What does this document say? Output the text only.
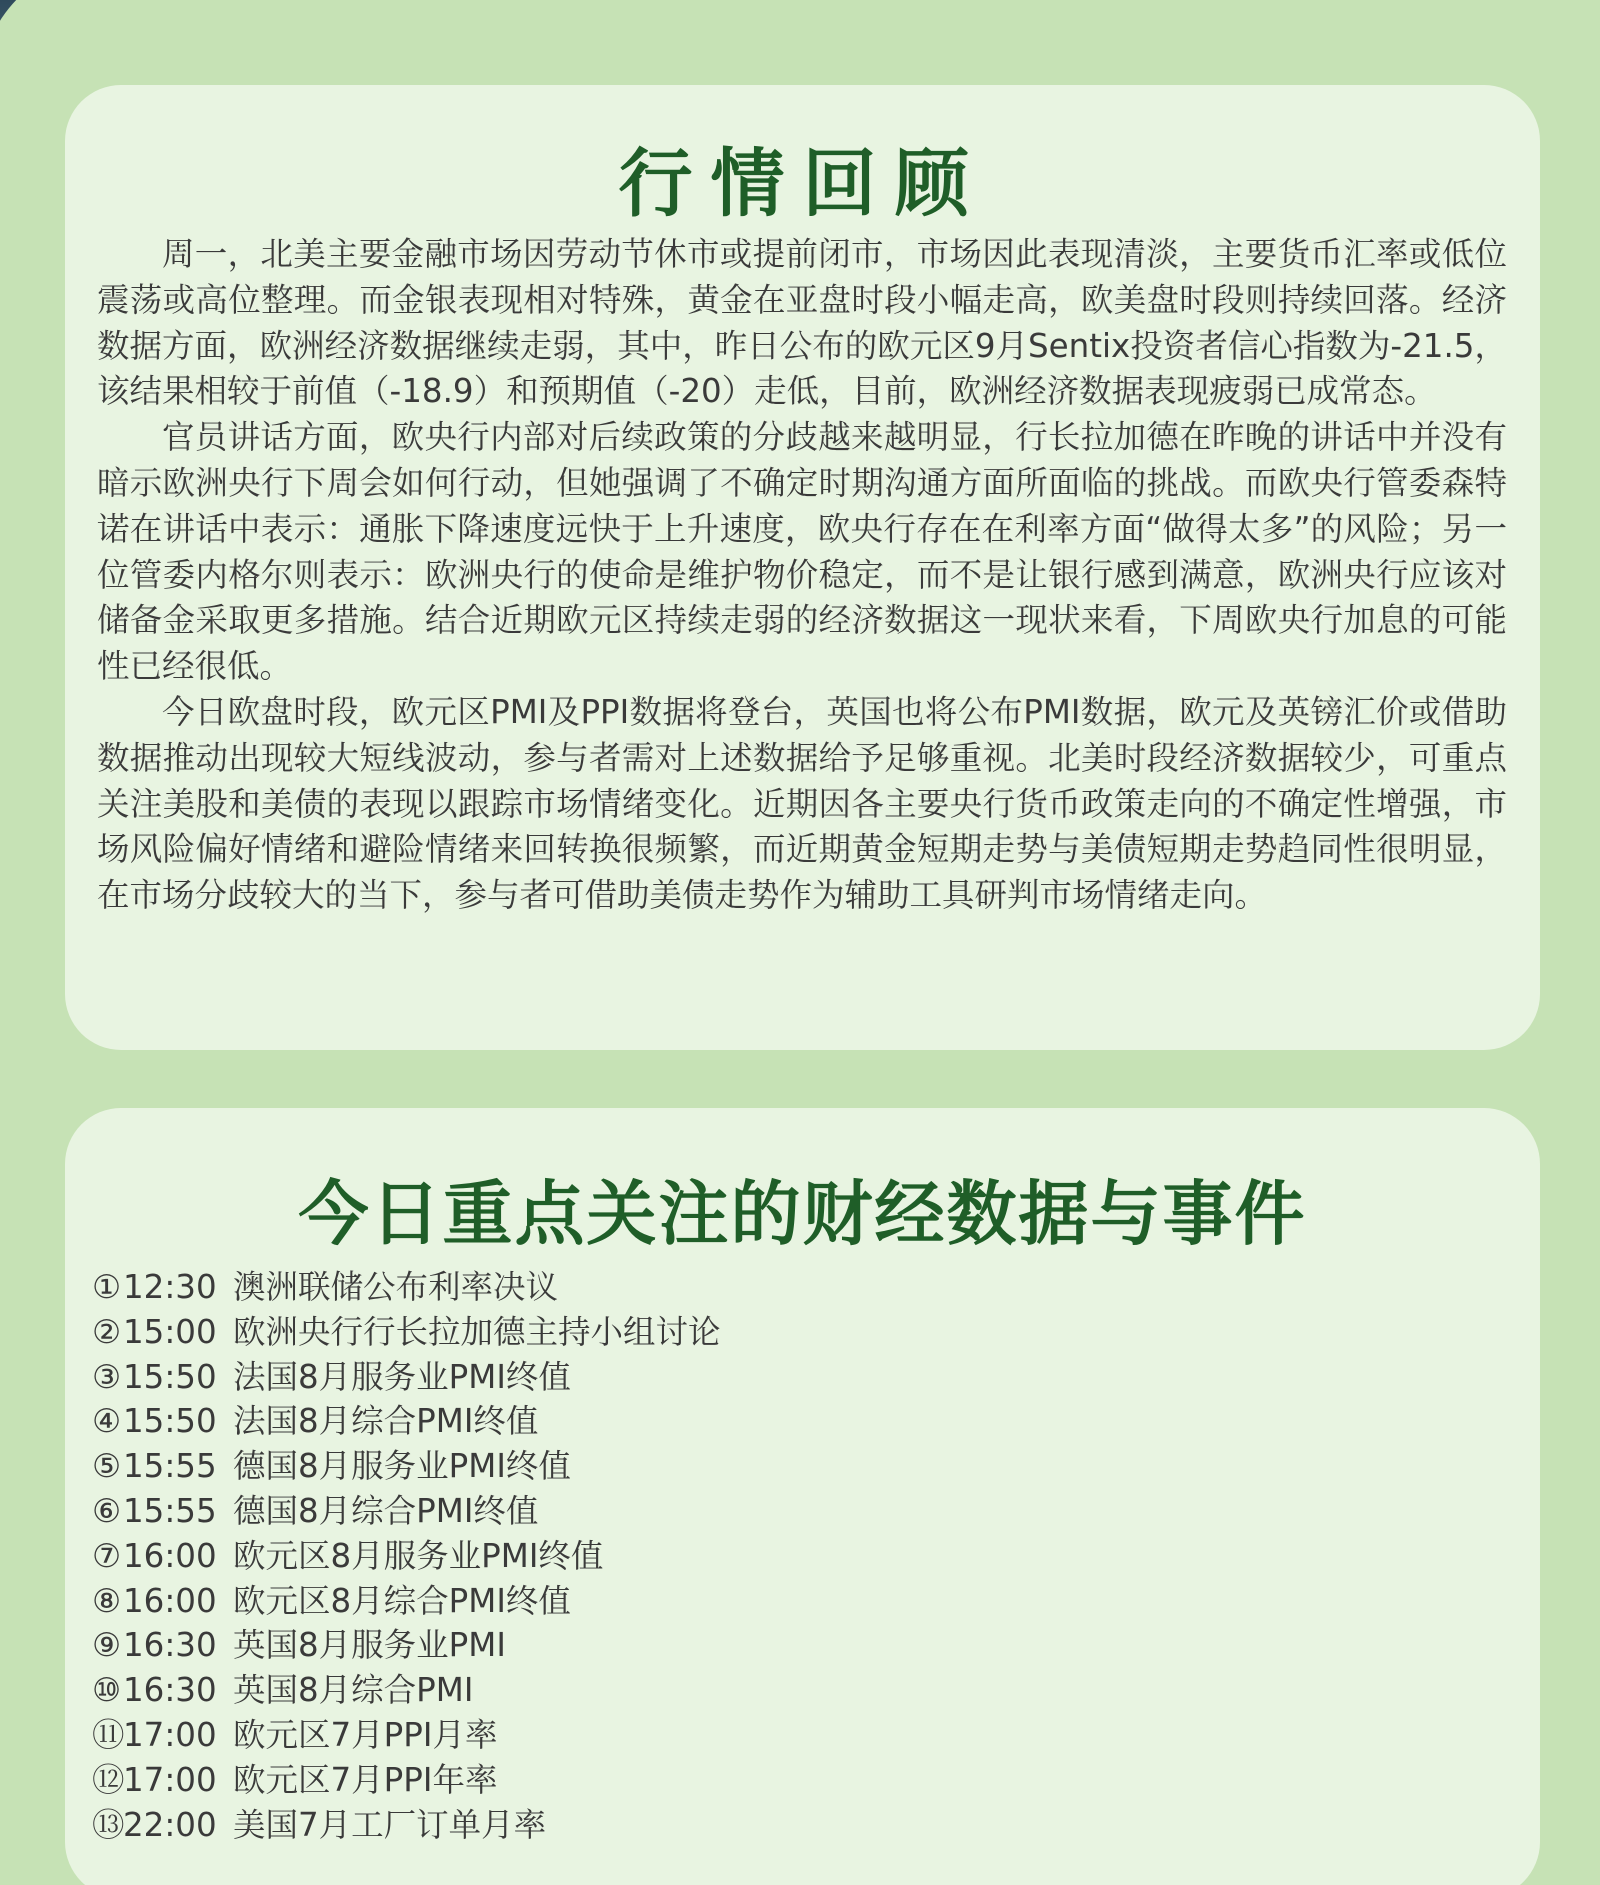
行情回顾

周一，北美主要金融市场因劳动节休市或提前闭市，市场因此表现清淡，主要货币汇率或低位震荡或高位整理。而金银表现相对特殊，黄金在亚盘时段小幅走高，欧美盘时段则持续回落。经济数据方面，欧洲经济数据继续走弱，其中，昨日公布的欧元区9月Sentix投资者信心指数为-21.5，该结果相较于前值（-18.9）和预期值（-20）走低，目前，欧洲经济数据表现疲弱已成常态。

官员讲话方面，欧央行内部对后续政策的分歧越来越明显，行长拉加德在昨晚的讲话中并没有暗示欧洲央行下周会如何行动，但她强调了不确定时期沟通方面所面临的挑战。而欧央行管委森特诺在讲话中表示：通胀下降速度远快于上升速度，欧央行存在在利率方面“做得太多”的风险；另一位管委内格尔则表示：欧洲央行的使命是维护物价稳定，而不是让银行感到满意，欧洲央行应该对储备金采取更多措施。结合近期欧元区持续走弱的经济数据这一现状来看，下周欧央行加息的可能性已经很低。

今日欧盘时段，欧元区PMI及PPI数据将登台，英国也将公布PMI数据，欧元及英镑汇价或借助数据推动出现较大短线波动，参与者需对上述数据给予足够重视。北美时段经济数据较少，可重点关注美股和美债的表现以跟踪市场情绪变化。近期因各主要央行货币政策走向的不确定性增强，市场风险偏好情绪和避险情绪来回转换很频繁，而近期黄金短期走势与美债短期走势趋同性很明显，在市场分歧较大的当下，参与者可借助美债走势作为辅助工具研判市场情绪走向。

今日重点关注的财经数据与事件
①12:30 澳洲联储公布利率决议
②15:00 欧洲央行行长拉加德主持小组讨论
③15:50 法国8月服务业PMI终值
④15:50 法国8月综合PMI终值
⑤15:55 德国8月服务业PMI终值
⑥15:55 德国8月综合PMI终值
⑦16:00 欧元区8月服务业PMI终值
⑧16:00 欧元区8月综合PMI终值
⑨16:30 英国8月服务业PMI
⑩16:30 英国8月综合PMI
⑪17:00 欧元区7月PPI月率
⑫17:00 欧元区7月PPI年率
⑬22:00 美国7月工厂订单月率
